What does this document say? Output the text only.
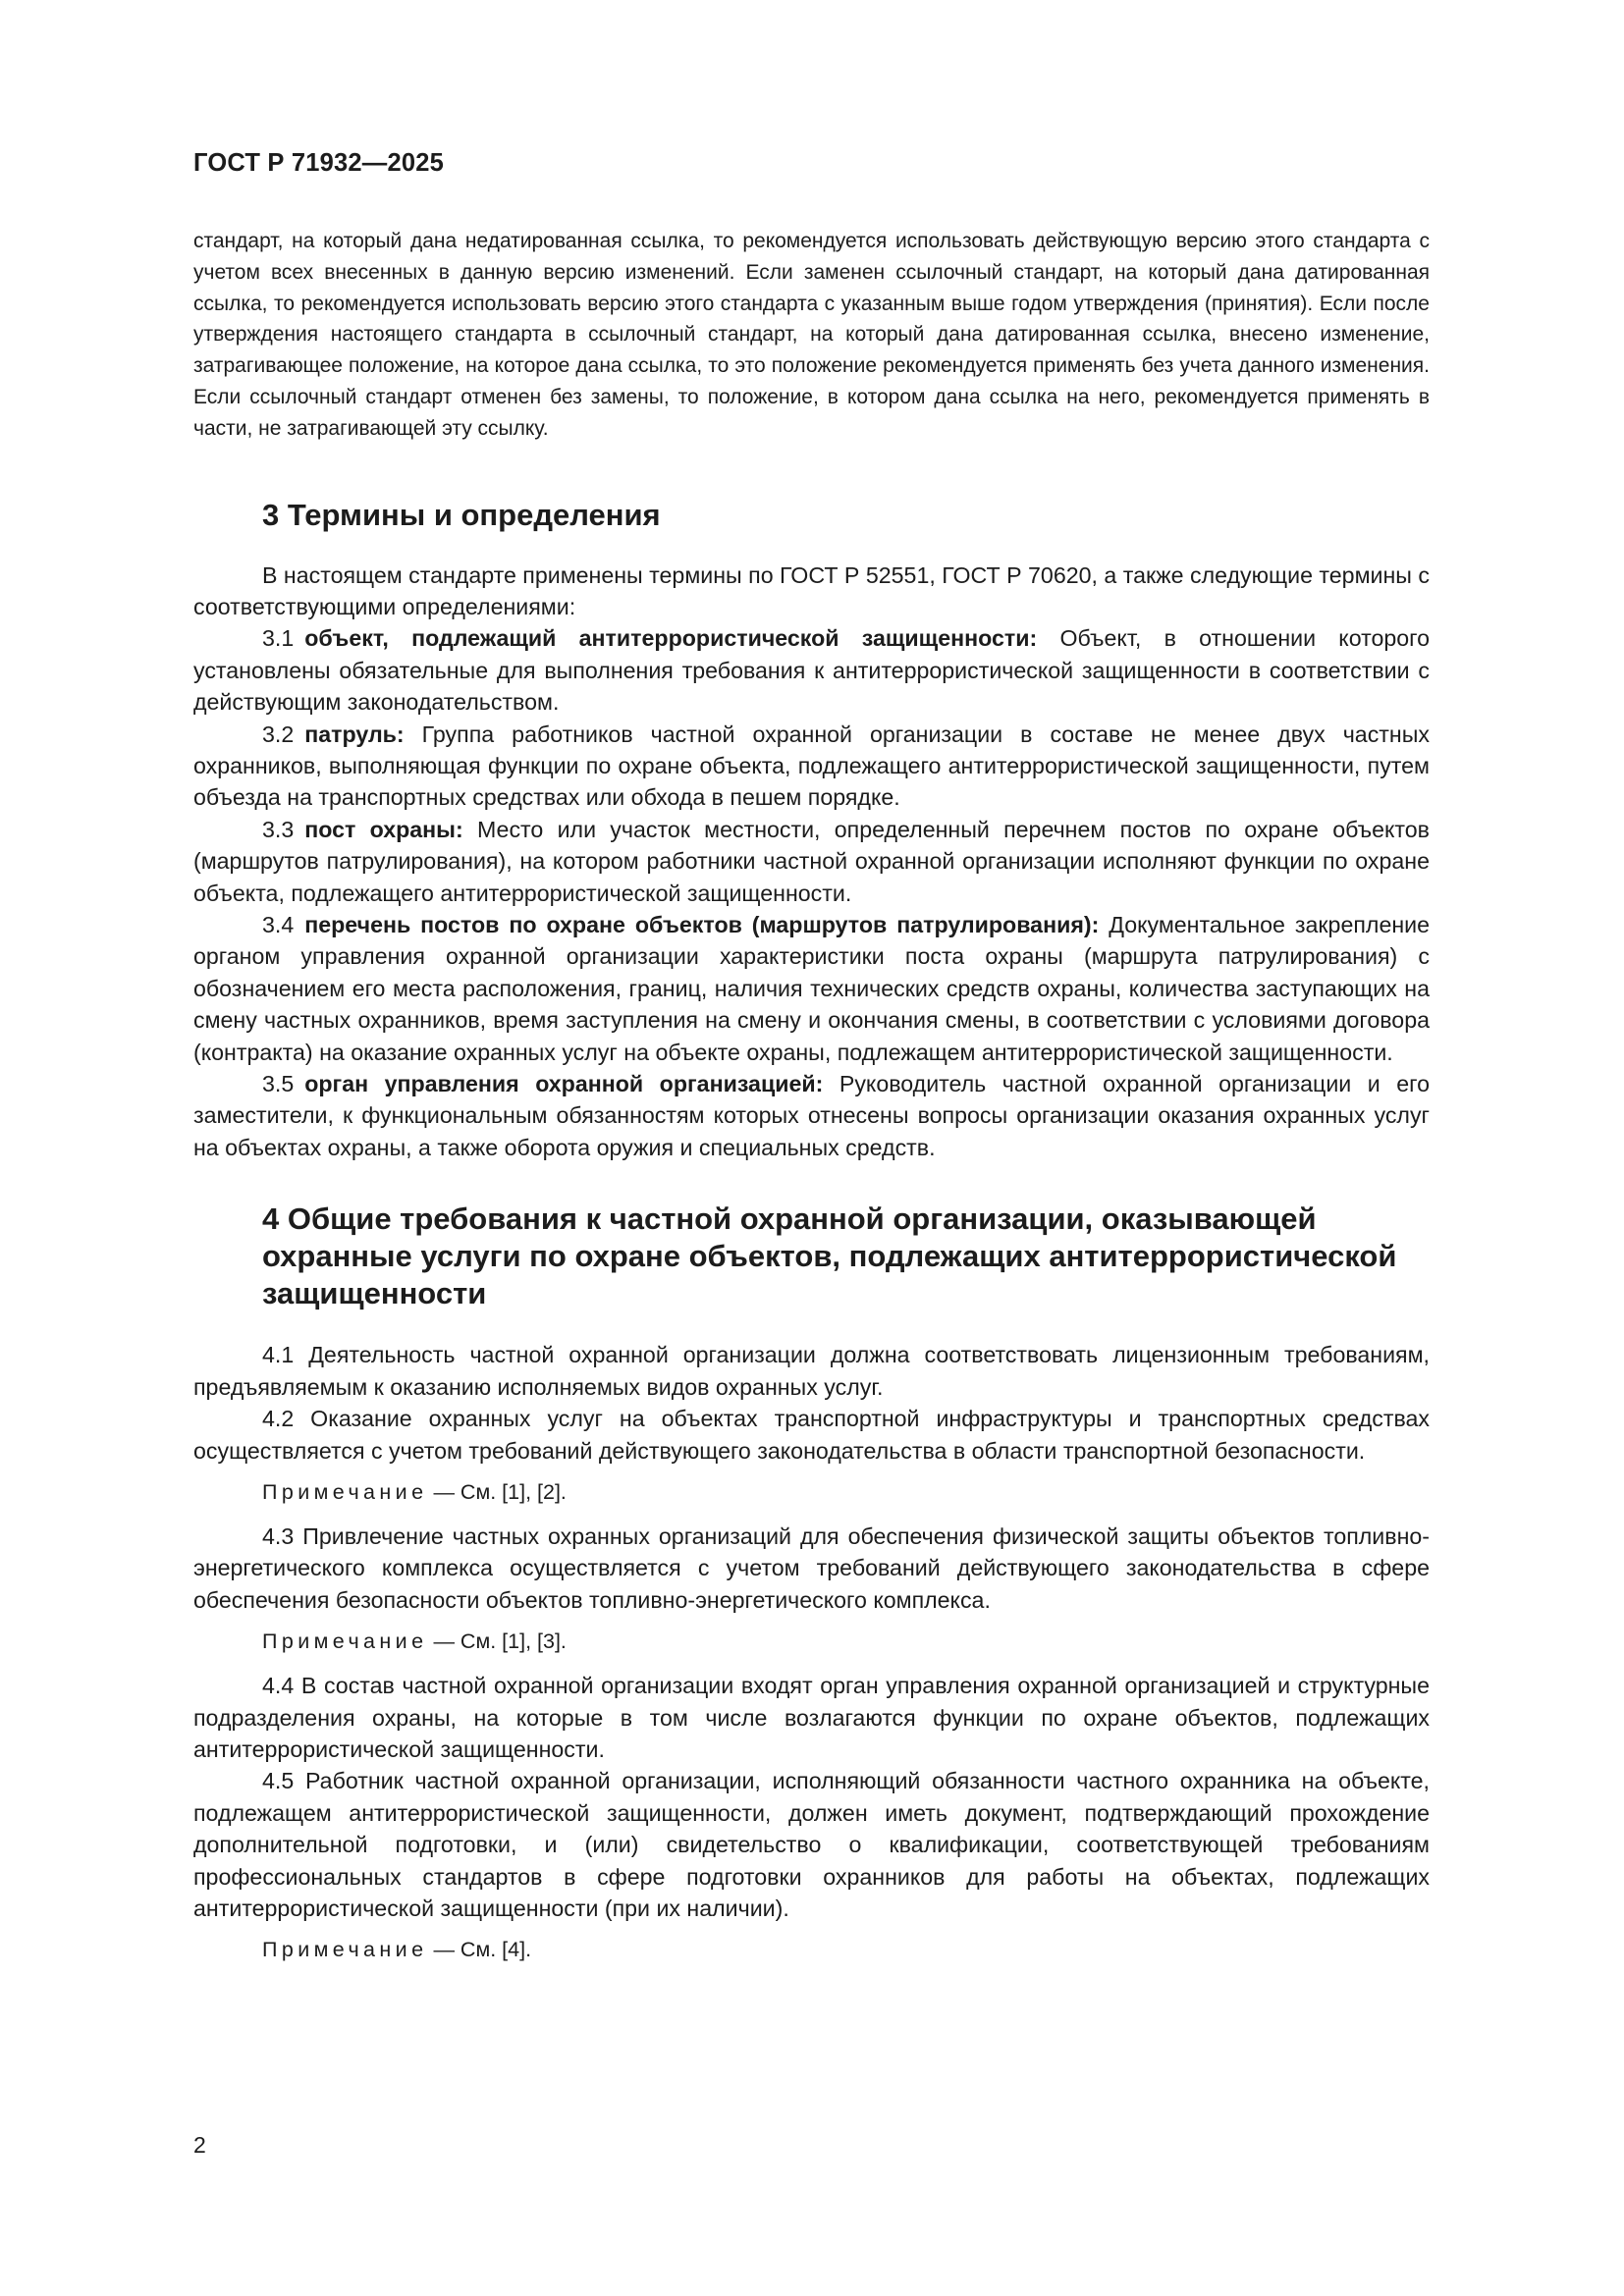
ГОСТ Р 71932—2025

стандарт, на который дана недатированная ссылка, то рекомендуется использовать действующую версию этого стандарта с учетом всех внесенных в данную версию изменений. Если заменен ссылочный стандарт, на который дана датированная ссылка, то рекомендуется использовать версию этого стандарта с указанным выше годом утверждения (принятия). Если после утверждения настоящего стандарта в ссылочный стандарт, на который дана датированная ссылка, внесено изменение, затрагивающее положение, на которое дана ссылка, то это положение рекомендуется применять без учета данного изменения. Если ссылочный стандарт отменен без замены, то положение, в котором дана ссылка на него, рекомендуется применять в части, не затрагивающей эту ссылку.

3 Термины и определения

В настоящем стандарте применены термины по ГОСТ Р 52551, ГОСТ Р 70620, а также следующие термины с соответствующими определениями:

3.1 объект, подлежащий антитеррористической защищенности: Объект, в отношении которого установлены обязательные для выполнения требования к антитеррористической защищенности в соответствии с действующим законодательством.

3.2 патруль: Группа работников частной охранной организации в составе не менее двух частных охранников, выполняющая функции по охране объекта, подлежащего антитеррористической защищенности, путем объезда на транспортных средствах или обхода в пешем порядке.

3.3 пост охраны: Место или участок местности, определенный перечнем постов по охране объектов (маршрутов патрулирования), на котором работники частной охранной организации исполняют функции по охране объекта, подлежащего антитеррористической защищенности.

3.4 перечень постов по охране объектов (маршрутов патрулирования): Документальное закрепление органом управления охранной организации характеристики поста охраны (маршрута патрулирования) с обозначением его места расположения, границ, наличия технических средств охраны, количества заступающих на смену частных охранников, время заступления на смену и окончания смены, в соответствии с условиями договора (контракта) на оказание охранных услуг на объекте охраны, подлежащем антитеррористической защищенности.

3.5 орган управления охранной организацией: Руководитель частной охранной организации и его заместители, к функциональным обязанностям которых отнесены вопросы организации оказания охранных услуг на объектах охраны, а также оборота оружия и специальных средств.

4 Общие требования к частной охранной организации, оказывающей охранные услуги по охране объектов, подлежащих антитеррористической защищенности

4.1 Деятельность частной охранной организации должна соответствовать лицензионным требованиям, предъявляемым к оказанию исполняемых видов охранных услуг.

4.2 Оказание охранных услуг на объектах транспортной инфраструктуры и транспортных средствах осуществляется с учетом требований действующего законодательства в области транспортной безопасности.

Примечание — См. [1], [2].

4.3 Привлечение частных охранных организаций для обеспечения физической защиты объектов топливно-энергетического комплекса осуществляется с учетом требований действующего законодательства в сфере обеспечения безопасности объектов топливно-энергетического комплекса.

Примечание — См. [1], [3].

4.4 В состав частной охранной организации входят орган управления охранной организацией и структурные подразделения охраны, на которые в том числе возлагаются функции по охране объектов, подлежащих антитеррористической защищенности.

4.5 Работник частной охранной организации, исполняющий обязанности частного охранника на объекте, подлежащем антитеррористической защищенности, должен иметь документ, подтверждающий прохождение дополнительной подготовки, и (или) свидетельство о квалификации, соответствующей требованиям профессиональных стандартов в сфере подготовки охранников для работы на объектах, подлежащих антитеррористической защищенности (при их наличии).

Примечание — См. [4].

2
